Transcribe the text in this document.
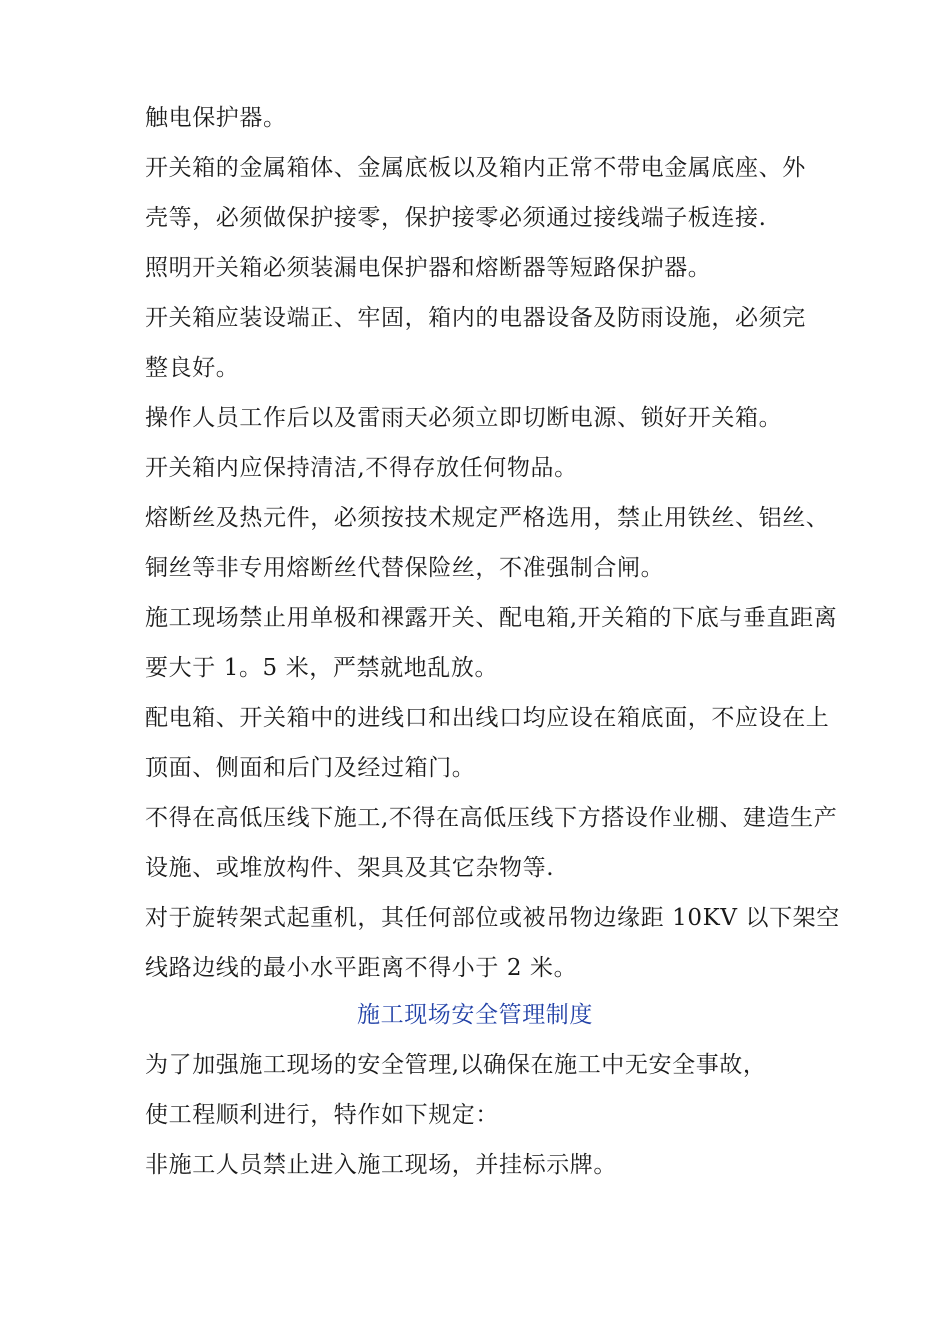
触电保护器。
开关箱的金属箱体、金属底板以及箱内正常不带电金属底座、外
壳等，必须做保护接零，保护接零必须通过接线端子板连接.
照明开关箱必须装漏电保护器和熔断器等短路保护器。
开关箱应装设端正、牢固，箱内的电器设备及防雨设施，必须完
整良好。
操作人员工作后以及雷雨天必须立即切断电源、锁好开关箱。
开关箱内应保持清洁,不得存放任何物品。
熔断丝及热元件，必须按技术规定严格选用，禁止用铁丝、铝丝、
铜丝等非专用熔断丝代替保险丝，不准强制合闸。
施工现场禁止用单极和裸露开关、配电箱,开关箱的下底与垂直距离
要大于 1。5 米，严禁就地乱放。
配电箱、开关箱中的进线口和出线口均应设在箱底面，不应设在上
顶面、侧面和后门及经过箱门。
不得在高低压线下施工,不得在高低压线下方搭设作业棚、建造生产
设施、或堆放构件、架具及其它杂物等.
对于旋转架式起重机，其任何部位或被吊物边缘距 10KV 以下架空
线路边线的最小水平距离不得小于 2 米。
施工现场安全管理制度
为了加强施工现场的安全管理,以确保在施工中无安全事故，
使工程顺利进行，特作如下规定：
非施工人员禁止进入施工现场，并挂标示牌。
